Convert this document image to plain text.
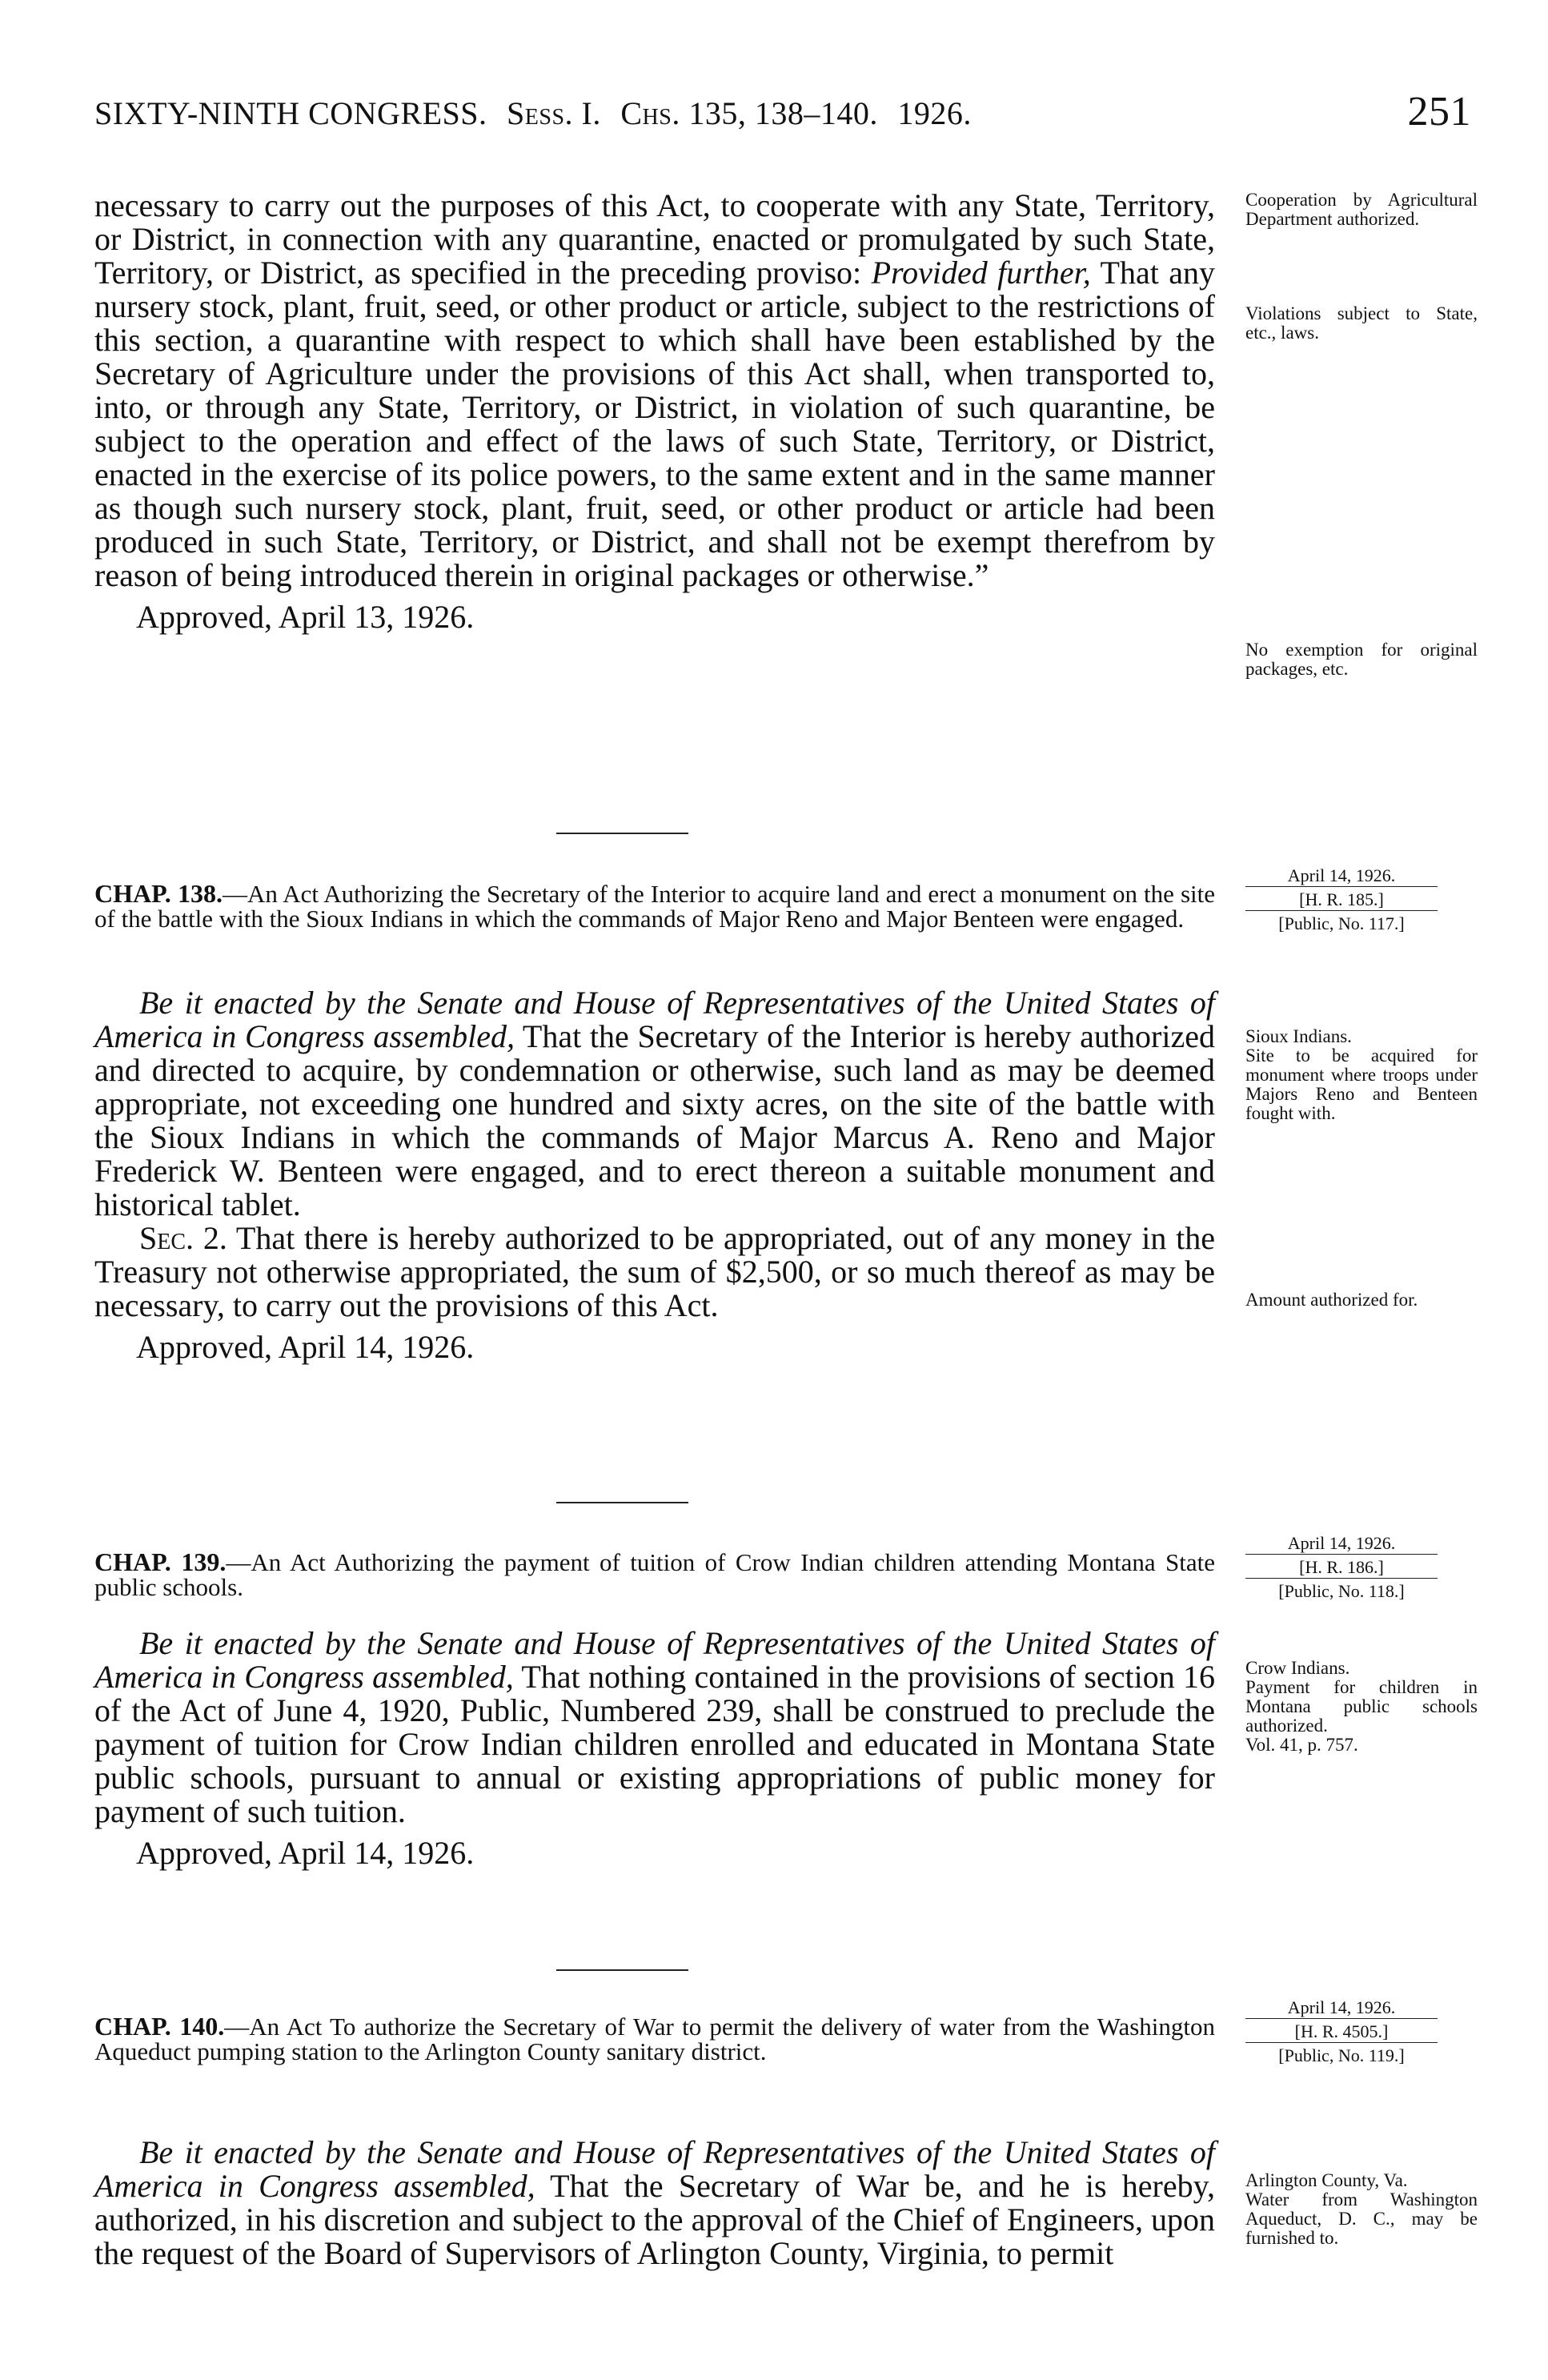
SIXTY-NINTH CONGRESS. Sess. I. Chs. 135, 138–140. 1926.	251

necessary to carry out the purposes of this Act, to cooperate with any State, Territory, or District, in connection with any quarantine, enacted or promulgated by such State, Territory, or District, as specified in the preceding proviso: Provided further, That any nursery stock, plant, fruit, seed, or other product or article, subject to the restrictions of this section, a quarantine with respect to which shall have been established by the Secretary of Agriculture under the provisions of this Act shall, when transported to, into, or through any State, Territory, or District, in violation of such quarantine, be subject to the operation and effect of the laws of such State, Territory, or District, enacted in the exercise of its police powers, to the same extent and in the same manner as though such nursery stock, plant, fruit, seed, or other product or article had been produced in such State, Territory, or District, and shall not be exempt therefrom by reason of being introduced therein in original packages or otherwise.”

Approved, April 13, 1926.

CHAP. 138.—An Act Authorizing the Secretary of the Interior to acquire land and erect a monument on the site of the battle with the Sioux Indians in which the commands of Major Reno and Major Benteen were engaged.

Be it enacted by the Senate and House of Representatives of the United States of America in Congress assembled, That the Secretary of the Interior is hereby authorized and directed to acquire, by condemnation or otherwise, such land as may be deemed appropriate, not exceeding one hundred and sixty acres, on the site of the battle with the Sioux Indians in which the commands of Major Marcus A. Reno and Major Frederick W. Benteen were engaged, and to erect thereon a suitable monument and historical tablet.

Sec. 2. That there is hereby authorized to be appropriated, out of any money in the Treasury not otherwise appropriated, the sum of $2,500, or so much thereof as may be necessary, to carry out the provisions of this Act.

Approved, April 14, 1926.

CHAP. 139.—An Act Authorizing the payment of tuition of Crow Indian children attending Montana State public schools.

Be it enacted by the Senate and House of Representatives of the United States of America in Congress assembled, That nothing contained in the provisions of section 16 of the Act of June 4, 1920, Public, Numbered 239, shall be construed to preclude the payment of tuition for Crow Indian children enrolled and educated in Montana State public schools, pursuant to annual or existing appropriations of public money for payment of such tuition.

Approved, April 14, 1926.

CHAP. 140.—An Act To authorize the Secretary of War to permit the delivery of water from the Washington Aqueduct pumping station to the Arlington County sanitary district.

Be it enacted by the Senate and House of Representatives of the United States of America in Congress assembled, That the Secretary of War be, and he is hereby, authorized, in his discretion and subject to the approval of the Chief of Engineers, upon the request of the Board of Supervisors of Arlington County, Virginia, to permit

Cooperation by Agricultural Department authorized.
Violations subject to State, etc., laws.
No exemption for original packages, etc.
April 14, 1926.
[H. R. 185.]
[Public, No. 117.]
Sioux Indians.
Site to be acquired for monument where troops under Majors Reno and Benteen fought with.
Amount authorized for.
April 14, 1926.
[H. R. 186.]
[Public, No. 118.]
Crow Indians.
Payment for children in Montana public schools authorized.
Vol. 41, p. 757.
April 14, 1926.
[H. R. 4505.]
[Public, No. 119.]
Arlington County, Va.
Water from Washington Aqueduct, D. C., may be furnished to.
